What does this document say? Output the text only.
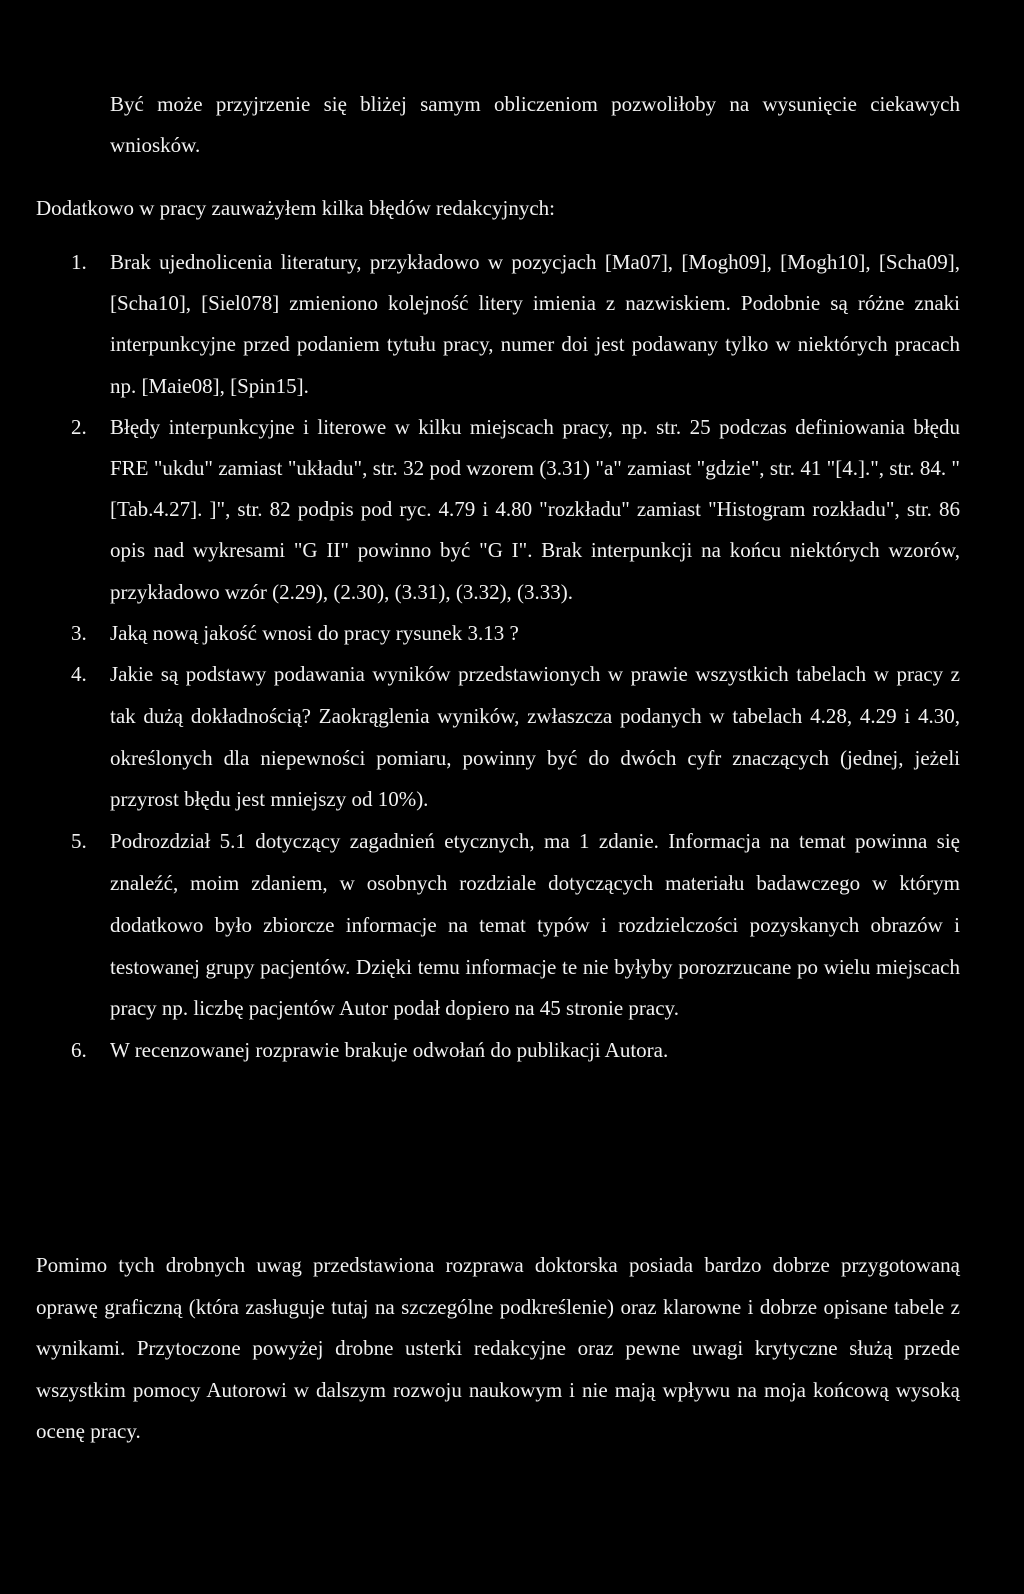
Być może przyjrzenie się bliżej samym obliczeniom pozwoliłoby na wysunięcie ciekawych wniosków.

Dodatkowo w pracy zauważyłem kilka błędów redakcyjnych:

1. Brak ujednolicenia literatury, przykładowo w pozycjach [Ma07], [Mogh09], [Mogh10], [Scha09], [Scha10], [Siel078] zmieniono kolejność litery imienia z nazwiskiem. Podobnie są różne znaki interpunkcyjne przed podaniem tytułu pracy, numer doi jest podawany tylko w niektórych pracach np. [Maie08], [Spin15].
2. Błędy interpunkcyjne i literowe w kilku miejscach pracy, np. str. 25 podczas definiowania błędu FRE "ukdu" zamiast "układu", str. 32 pod wzorem (3.31) "a" zamiast "gdzie", str. 41 "[4.].", str. 84. "[Tab.4.27]. ]", str. 82 podpis pod ryc. 4.79 i 4.80 "rozkładu" zamiast "Histogram rozkładu", str. 86 opis nad wykresami "G II" powinno być "G I". Brak interpunkcji na końcu niektórych wzorów, przykładowo wzór (2.29), (2.30), (3.31), (3.32), (3.33).
3. Jaką nową jakość wnosi do pracy rysunek 3.13 ?
4. Jakie są podstawy podawania wyników przedstawionych w prawie wszystkich tabelach w pracy z tak dużą dokładnością? Zaokrąglenia wyników, zwłaszcza podanych w tabelach 4.28, 4.29 i 4.30, określonych dla niepewności pomiaru, powinny być do dwóch cyfr znaczących (jednej, jeżeli przyrost błędu jest mniejszy od 10%).
5. Podrozdział 5.1 dotyczący zagadnień etycznych, ma 1 zdanie. Informacja na temat powinna się znaleźć, moim zdaniem, w osobnych rozdziale dotyczących materiału badawczego w którym dodatkowo było zbiorcze informacje na temat typów i rozdzielczości pozyskanych obrazów i testowanej grupy pacjentów. Dzięki temu informacje te nie byłyby porozrzucane po wielu miejscach pracy np. liczbę pacjentów Autor podał dopiero na 45 stronie pracy.
6. W recenzowanej rozprawie brakuje odwołań do publikacji Autora.

Pomimo tych drobnych uwag przedstawiona rozprawa doktorska posiada bardzo dobrze przygotowaną oprawę graficzną (która zasługuje tutaj na szczególne podkreślenie) oraz klarowne i dobrze opisane tabele z wynikami. Przytoczone powyżej drobne usterki redakcyjne oraz pewne uwagi krytyczne służą przede wszystkim pomocy Autorowi w dalszym rozwoju naukowym i nie mają wpływu na moja końcową wysoką ocenę pracy.
